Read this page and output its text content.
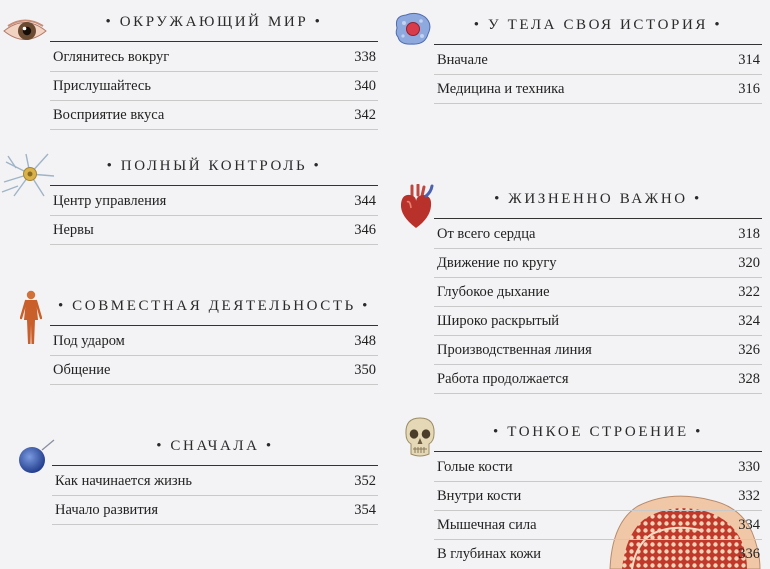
• ОКРУЖАЮЩИЙ МИР •
Оглянитесь вокруг	338
Прислушайтесь	340
Восприятие вкуса	342
• ПОЛНЫЙ КОНТРОЛЬ •
Центр управления	344
Нервы	346
• СОВМЕСТНАЯ ДЕЯТЕЛЬНОСТЬ •
Под ударом	348
Общение	350
• СНАЧАЛА •
Как начинается жизнь	352
Начало развития	354
• У ТЕЛА СВОЯ ИСТОРИЯ •
Вначале	314
Медицина и техника	316
• ЖИЗНЕННО ВАЖНО •
От всего сердца	318
Движение по кругу	320
Глубокое дыхание	322
Широко раскрытый	324
Производственная линия	326
Работа продолжается	328
• ТОНКОЕ СТРОЕНИЕ •
Голые кости	330
Внутри кости	332
Мышечная сила	334
В глубинах кожи	336
